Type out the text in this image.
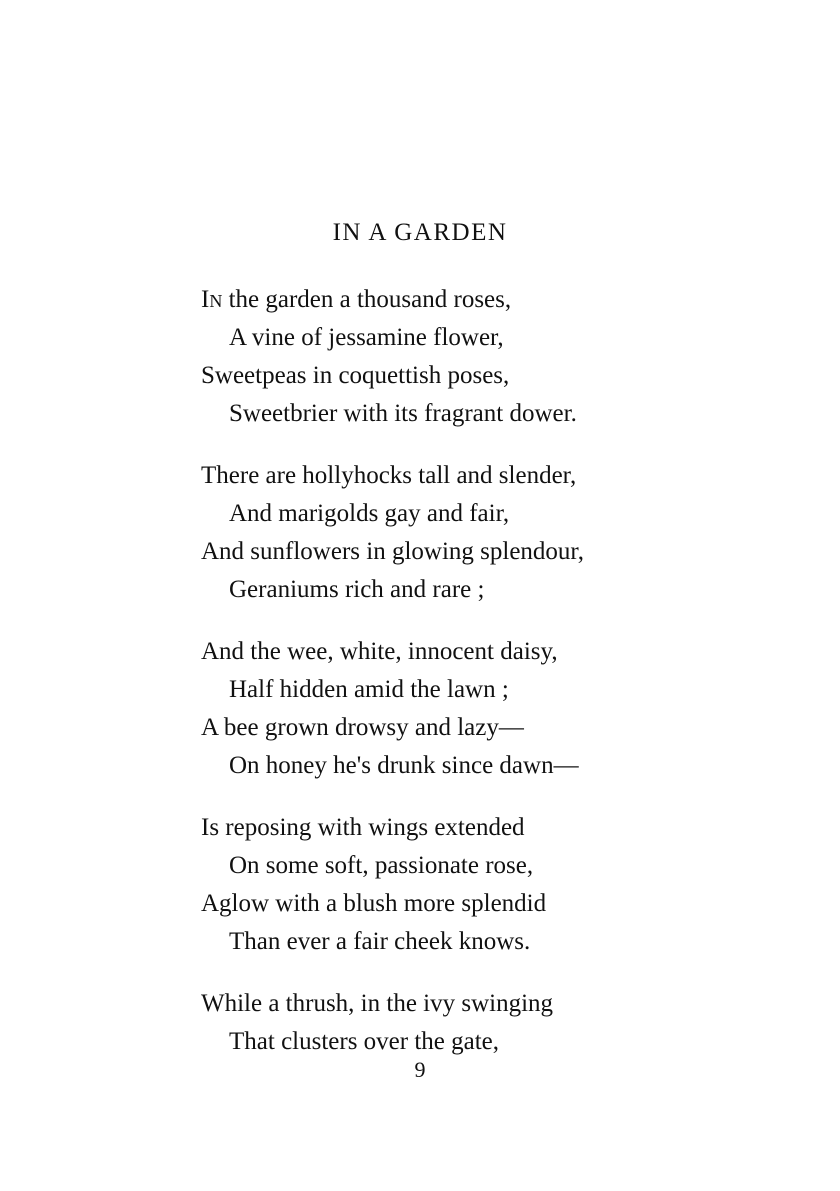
IN A GARDEN
In the garden a thousand roses,
A vine of jessamine flower,
Sweetpeas in coquettish poses,
Sweetbrier with its fragrant dower.
There are hollyhocks tall and slender,
And marigolds gay and fair,
And sunflowers in glowing splendour,
Geraniums rich and rare ;
And the wee, white, innocent daisy,
Half hidden amid the lawn ;
A bee grown drowsy and lazy—
On honey he's drunk since dawn—
Is reposing with wings extended
On some soft, passionate rose,
Aglow with a blush more splendid
Than ever a fair cheek knows.
While a thrush, in the ivy swinging
That clusters over the gate,
9
